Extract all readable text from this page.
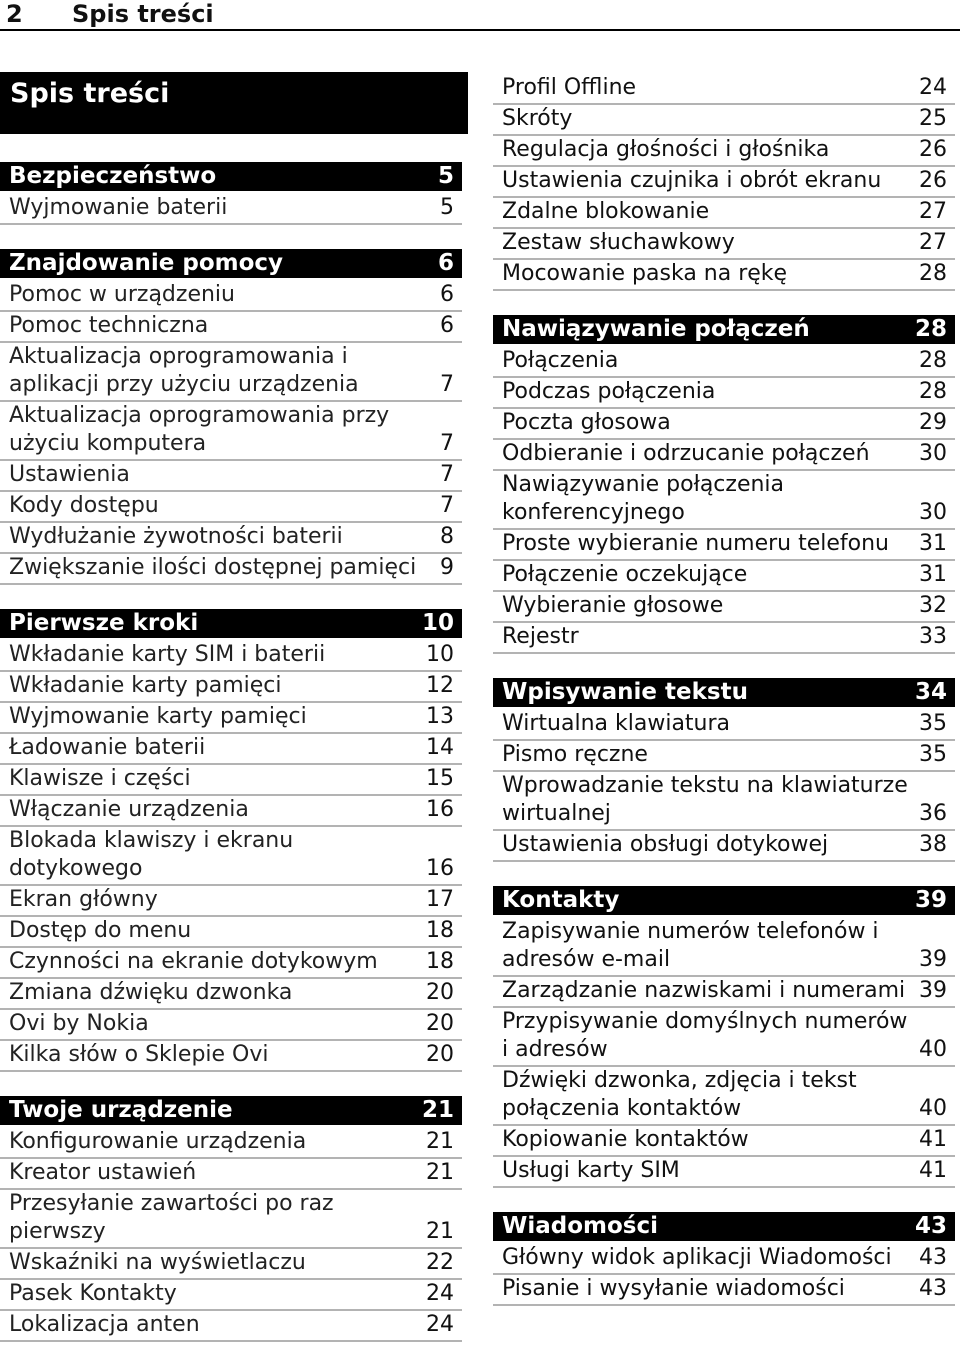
2 Spis treści
Spis treści
Bezpieczeństwo	5
Wyjmowanie baterii	5
Znajdowanie pomocy	6
Pomoc w urządzeniu	6
Pomoc techniczna	6
Aktualizacja oprogramowania i aplikacji przy użyciu urządzenia	7
Aktualizacja oprogramowania przy użyciu komputera	7
Ustawienia	7
Kody dostępu	7
Wydłużanie żywotności baterii	8
Zwiększanie ilości dostępnej pamięci	9
Pierwsze kroki	10
Wkładanie karty SIM i baterii	10
Wkładanie karty pamięci	12
Wyjmowanie karty pamięci	13
Ładowanie baterii	14
Klawisze i części	15
Włączanie urządzenia	16
Blokada klawiszy i ekranu dotykowego	16
Ekran główny	17
Dostęp do menu	18
Czynności na ekranie dotykowym	18
Zmiana dźwięku dzwonka	20
Ovi by Nokia	20
Kilka słów o Sklepie Ovi	20
Twoje urządzenie	21
Konfigurowanie urządzenia	21
Kreator ustawień	21
Przesyłanie zawartości po raz pierwszy	21
Wskaźniki na wyświetlaczu	22
Pasek Kontakty	24
Lokalizacja anten	24
Profil Offline	24
Skróty	25
Regulacja głośności i głośnika	26
Ustawienia czujnika i obrót ekranu	26
Zdalne blokowanie	27
Zestaw słuchawkowy	27
Mocowanie paska na rękę	28
Nawiązywanie połączeń	28
Połączenia	28
Podczas połączenia	28
Poczta głosowa	29
Odbieranie i odrzucanie połączeń	30
Nawiązywanie połączenia konferencyjnego	30
Proste wybieranie numeru telefonu	31
Połączenie oczekujące	31
Wybieranie głosowe	32
Rejestr	33
Wpisywanie tekstu	34
Wirtualna klawiatura	35
Pismo ręczne	35
Wprowadzanie tekstu na klawiaturze wirtualnej	36
Ustawienia obsługi dotykowej	38
Kontakty	39
Zapisywanie numerów telefonów i adresów e-mail	39
Zarządzanie nazwiskami i numerami 39
Przypisywanie domyślnych numerów i adresów	40
Dźwięki dzwonka, zdjęcia i tekst połączenia kontaktów	40
Kopiowanie kontaktów	41
Usługi karty SIM	41
Wiadomości	43
Główny widok aplikacji Wiadomości	43
Pisanie i wysyłanie wiadomości	43
